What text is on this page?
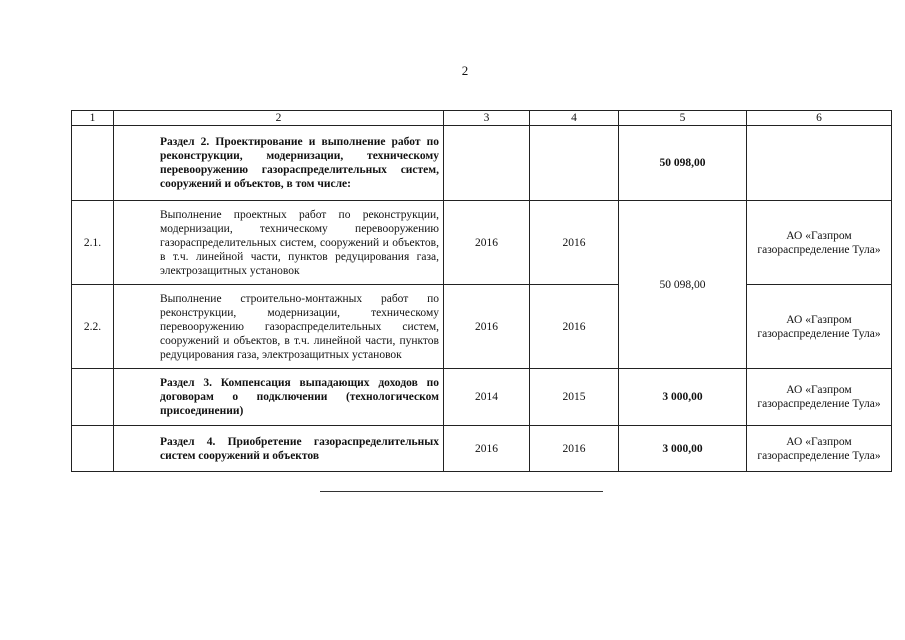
2
1	2	3	4	5	6
	Раздел 2. Проектирование и выполнение работ по реконструкции, модернизации, техническому перевооружению газораспределительных систем, сооружений и объектов, в том числе:			50 098,00	
2.1.	Выполнение проектных работ по реконструкции, модернизации, техническому перевооружению газораспределительных систем, сооружений и объектов, в т.ч. линейной части, пунктов редуцирования газа, электрозащитных установок	2016	2016	50 098,00	АО «Газпром газораспределение Тула»
2.2.	Выполнение строительно-монтажных работ по реконструкции, модернизации, техническому перевооружению газораспределительных систем, сооружений и объектов, в т.ч. линейной части, пунктов редуцирования газа, электрозащитных установок	2016	2016		АО «Газпром газораспределение Тула»
	Раздел 3. Компенсация выпадающих доходов по договорам о подключении (технологическом присоединении)	2014	2015	3 000,00	АО «Газпром газораспределение Тула»
	Раздел 4. Приобретение газораспределительных систем сооружений и объектов	2016	2016	3 000,00	АО «Газпром газораспределение Тула»
